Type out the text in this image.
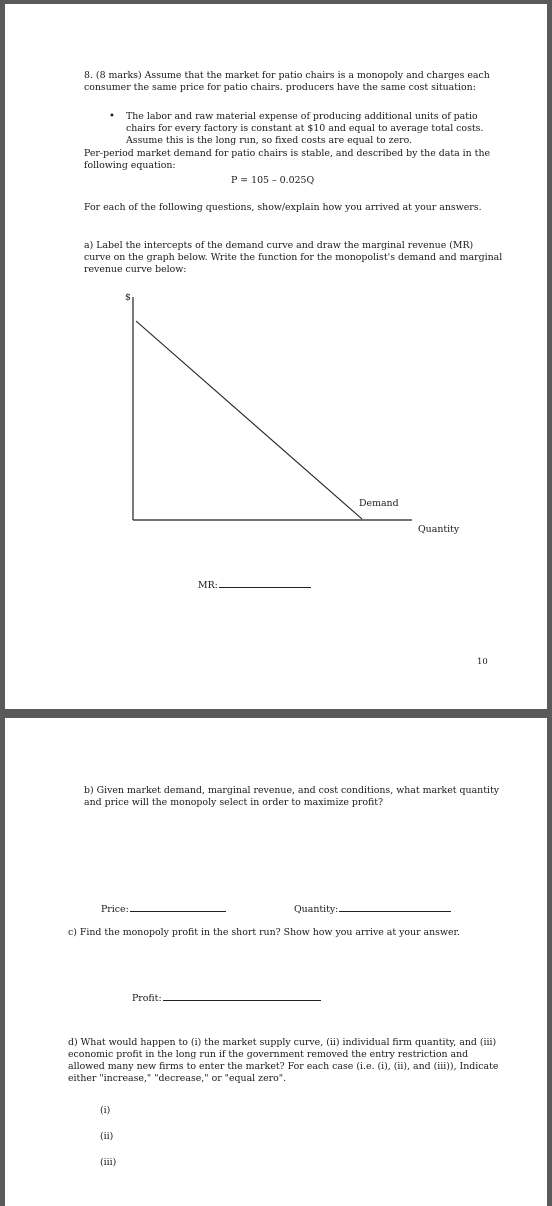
8. (8 marks) Assume that the market for patio chairs is a monopoly and charges each
consumer the same price for patio chairs. producers have the same cost situation:
• The labor and raw material expense of producing additional units of patio
chairs for every factory is constant at $10 and equal to average total costs.
Assume this is the long run, so fixed costs are equal to zero.
Per-period market demand for patio chairs is stable, and described by the data in the
following equation:
P = 105 – 0.025Q
For each of the following questions, show/explain how you arrived at your answers.
a) Label the intercepts of the demand curve and draw the marginal revenue (MR)
curve on the graph below. Write the function for the monopolist's demand and marginal
revenue curve below:
$
Demand
Quantity
MR:
10
b) Given market demand, marginal revenue, and cost conditions, what market quantity
and price will the monopoly select in order to maximize profit?
Price:	Quantity:
c) Find the monopoly profit in the short run? Show how you arrive at your answer.
Profit:
d) What would happen to (i) the market supply curve, (ii) individual firm quantity, and (iii)
economic profit in the long run if the government removed the entry restriction and
allowed many new firms to enter the market? For each case (i.e. (i), (ii), and (iii)), Indicate
either "increase," "decrease," or "equal zero".
(i)
(ii)
(iii)
